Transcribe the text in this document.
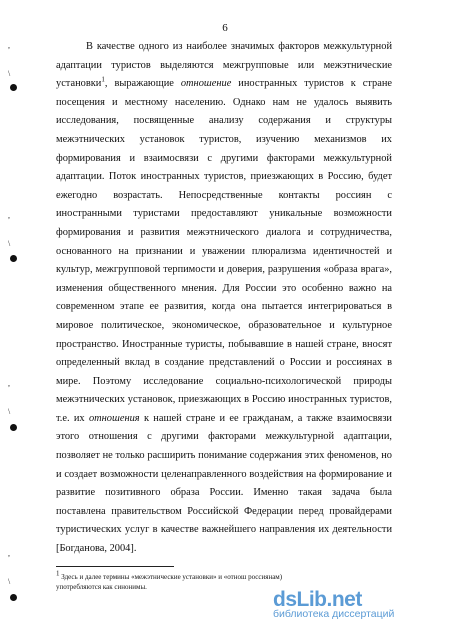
6
,
\
,
\
,
\
,
\

В качестве одного из наиболее значимых факторов межкультурной адаптации туристов выделяются межгрупповые или межэтнические установки$^1$, выражающие отношение иностранных туристов к стране посещения и местному населению. Однако нам не удалось выявить исследования, посвященные анализу содержания и структуры межэтнических установок туристов, изучению механизмов их формирования и взаимосвязи с другими факторами межкультурной адаптации. Поток иностранных туристов, приезжающих в Россию, будет ежегодно возрастать. Непосредственные контакты россиян с иностранными туристами предоставляют уникальные возможности формирования и развития межэтнического диалога и сотрудничества, основанного на признании и уважении плюрализма идентичностей и культур, межгрупповой терпимости и доверия, разрушения «образа врага», изменения общественного мнения. Для России это особенно важно на современном этапе ее развития, когда она пытается интегрироваться в мировое политическое, экономическое, образовательное и культурное пространство. Иностранные туристы, побывавшие в нашей стране, вносят определенный вклад в создание представлений о России и россиянах в мире. Поэтому исследование социально-психологической природы межэтнических установок, приезжающих в Россию иностранных туристов, т.е. их отношения к нашей стране и ее гражданам, а также взаимосвязи этого отношения с другими факторами межкультурной адаптации, позволяет не только расширить понимание содержания этих феноменов, но и создает возможности целенаправленного воздействия на формирование и развитие позитивного образа России. Именно такая задача была поставлена правительством Российской Федерации перед провайдерами туристических услуг в качестве важнейшего направления их деятельности [Богданова, 2004].

$^1$ Здесь и далее термины «межэтнические установки» и «отнош россиянам) употребляются как синонимы.
dsLib.net
библиотека диссертаций
